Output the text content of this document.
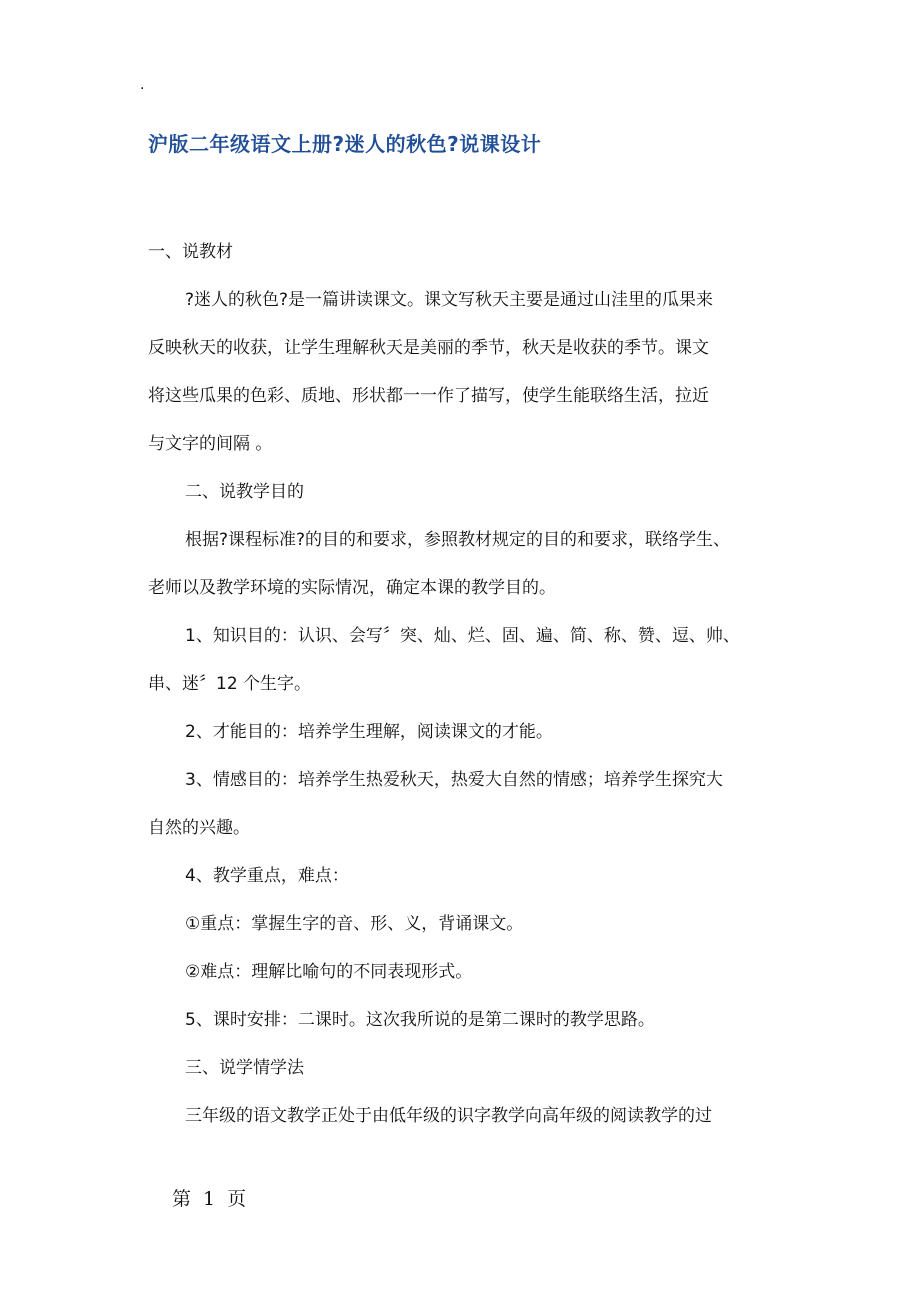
.
沪版二年级语文上册?迷人的秋色?说课设计
一、说教材
?迷人的秋色?是一篇讲读课文。课文写秋天主要是通过山洼里的瓜果来
反映秋天的收获，让学生理解秋天是美丽的季节，秋天是收获的季节。课文
将这些瓜果的色彩、质地、形状都一一作了描写，使学生能联络生活，拉近
与文字的间隔 。
二、说教学目的
根据?课程标准?的目的和要求，参照教材规定的目的和要求，联络学生、
老师以及教学环境的实际情况，确定本课的教学目的。
1、知识目的：认识、会写〞突、灿、烂、固、遍、简、称、赞、逗、帅、
串、迷〞12 个生字。
2、才能目的：培养学生理解，阅读课文的才能。
3、情感目的：培养学生热爱秋天，热爱大自然的情感；培养学生探究大
自然的兴趣。
4、教学重点，难点：
①重点：掌握生字的音、形、义，背诵课文。
②难点：理解比喻句的不同表现形式。
5、课时安排：二课时。这次我所说的是第二课时的教学思路。
三、说学情学法
三年级的语文教学正处于由低年级的识字教学向高年级的阅读教学的过
第 1 页
